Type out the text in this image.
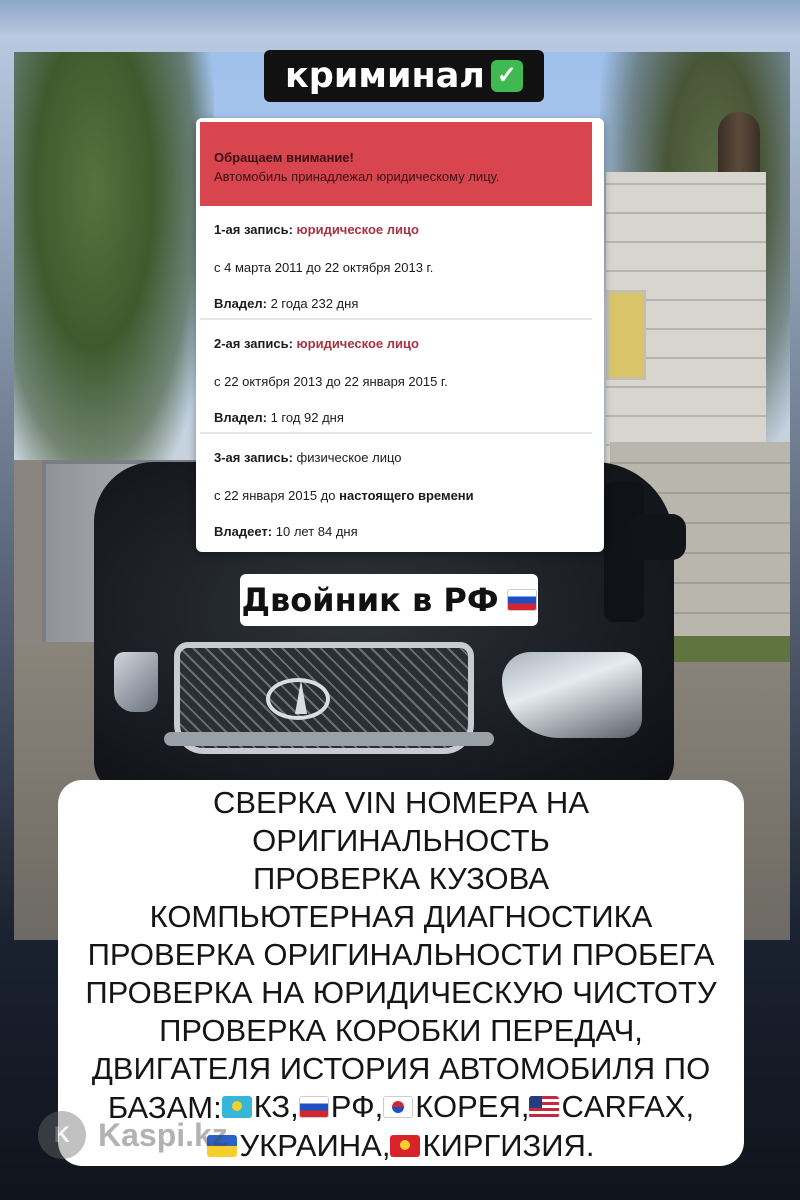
криминал ✓
Обращаем внимание!
Автомобиль принадлежал юридическому лицу.
1-ая запись: юридическое лицо
с 4 марта 2011 до 22 октября 2013 г.
Владел: 2 года 232 дня
2-ая запись: юридическое лицо
с 22 октября 2013 до 22 января 2015 г.
Владел: 1 год 92 дня
3-ая запись: физическое лицо
с 22 января 2015 до настоящего времени
Владеет: 10 лет 84 дня
Двойник в РФ
СВЕРКА VIN НОМЕРА НА
ОРИГИНАЛЬНОСТЬ
ПРОВЕРКА КУЗОВА
КОМПЬЮТЕРНАЯ ДИАГНОСТИКА
ПРОВЕРКА ОРИГИНАЛЬНОСТИ ПРОБЕГА
ПРОВЕРКА НА ЮРИДИЧЕСКУЮ ЧИСТОТУ
ПРОВЕРКА КОРОБКИ ПЕРЕДАЧ,
ДВИГАТЕЛЯ ИСТОРИЯ АВТОМОБИЛЯ ПО
БАЗАМ: КЗ, РФ, КОРЕЯ, CARFAX,
УКРАИНА, КИРГИЗИЯ.
K Kaspi.kz
